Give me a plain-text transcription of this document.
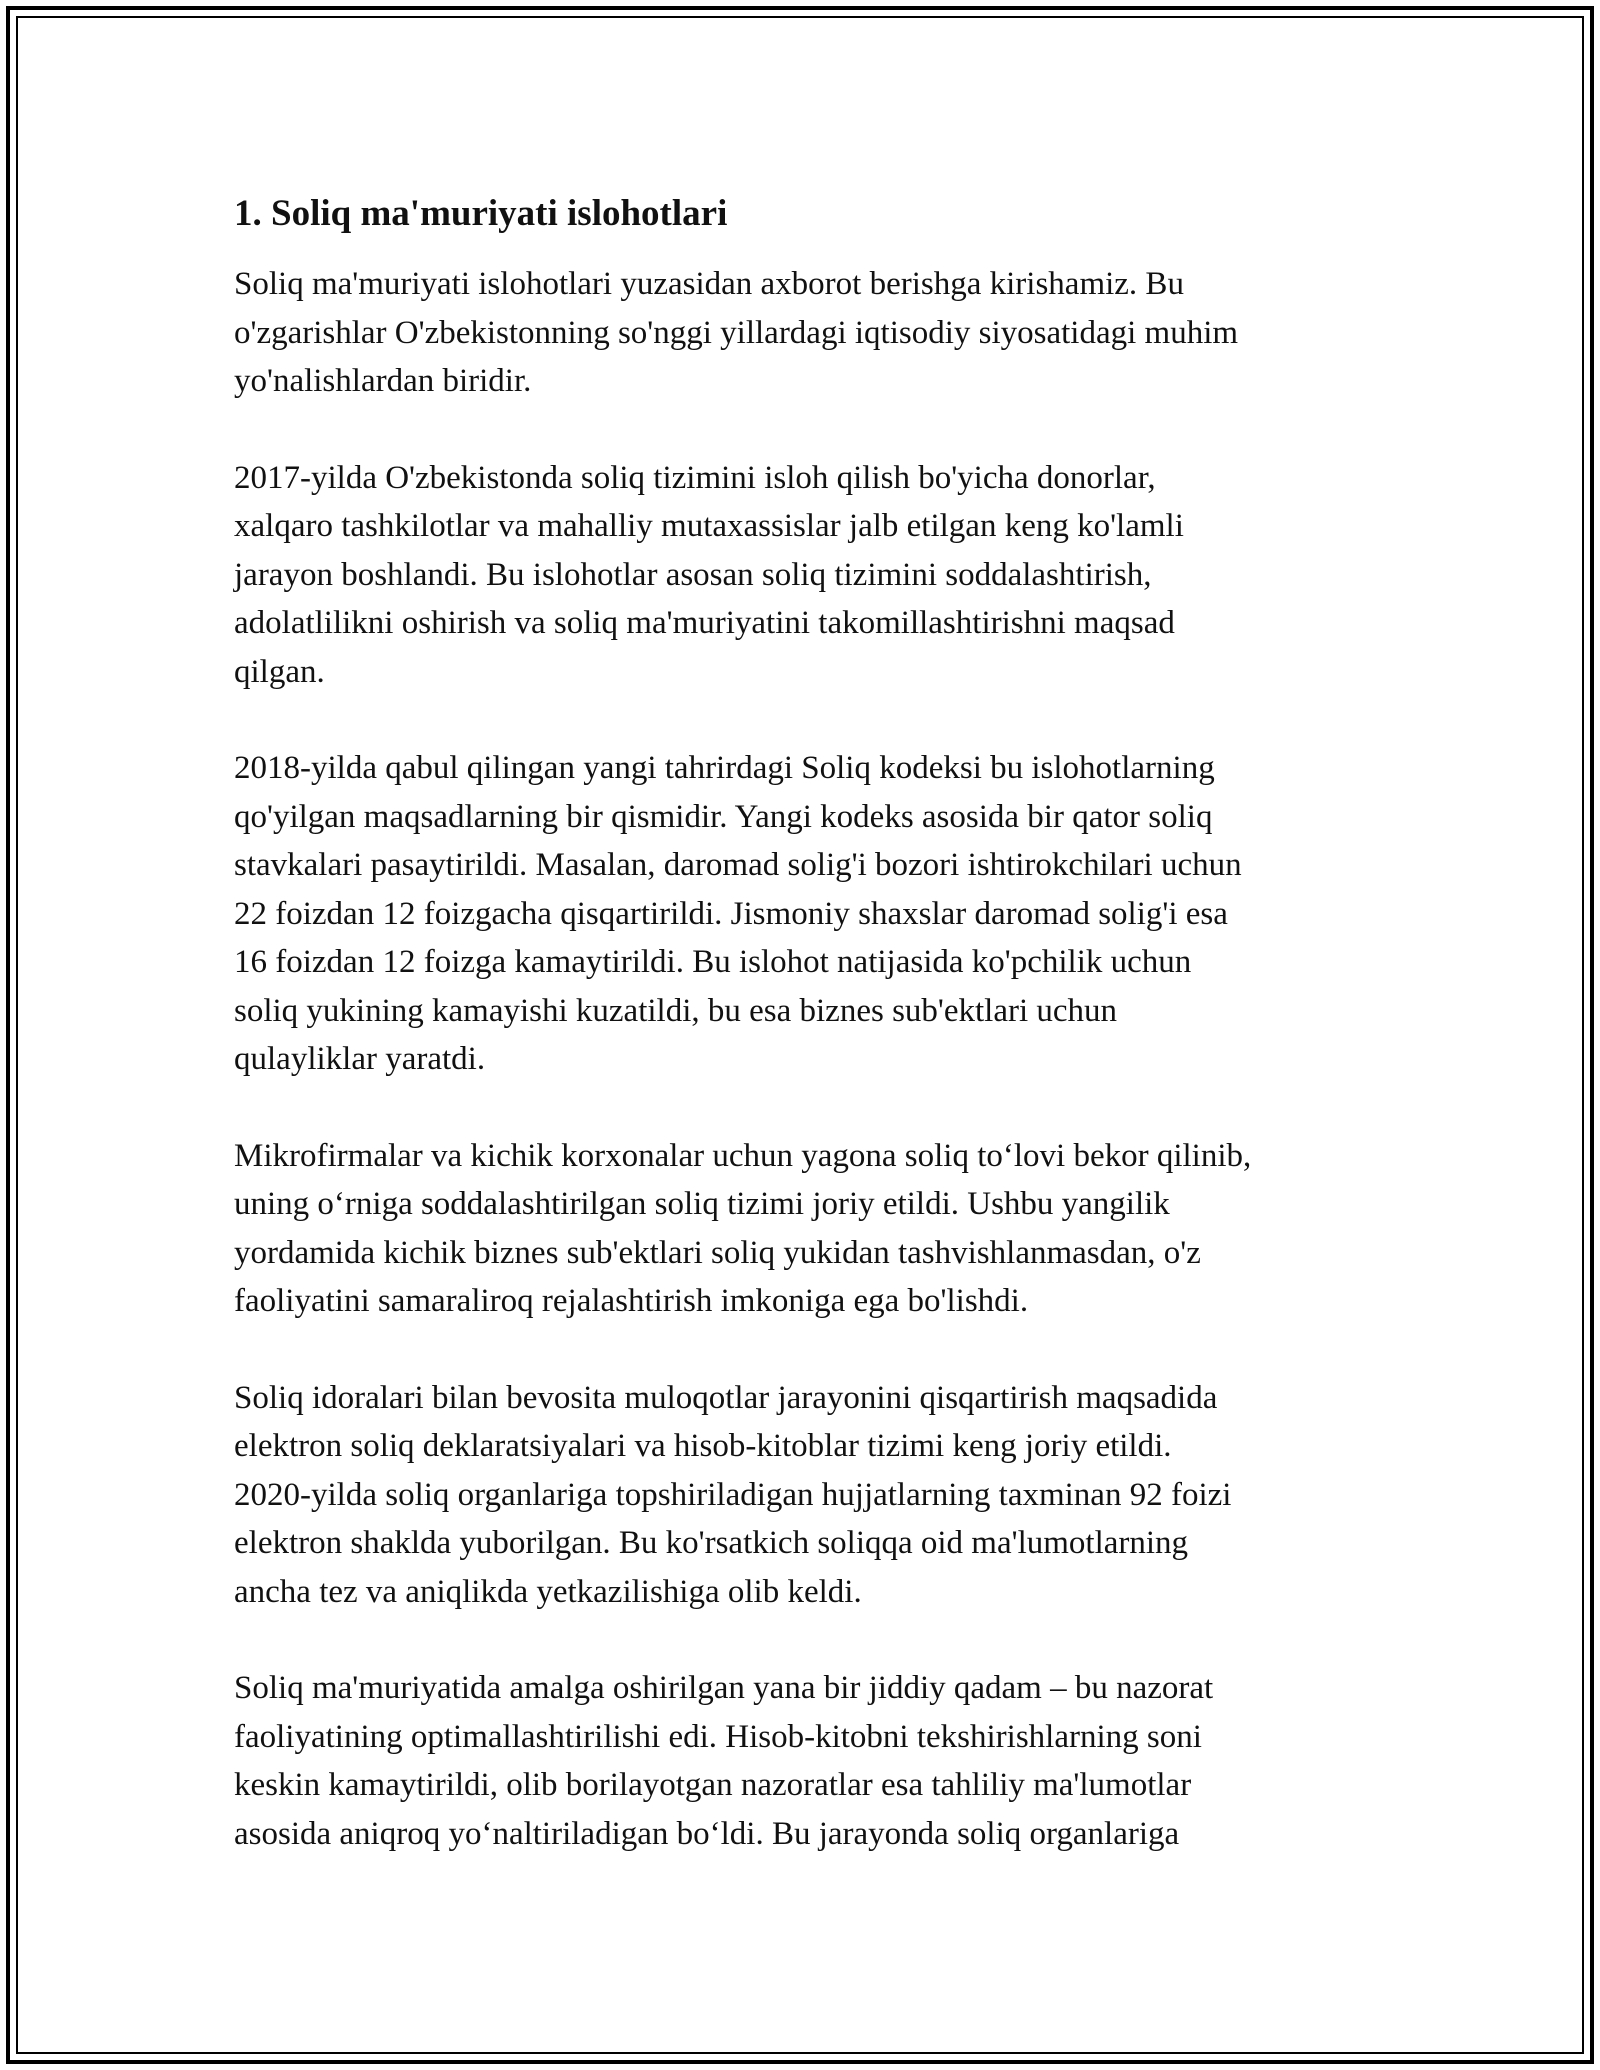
1. Soliq ma'muriyati islohotlari

Soliq ma'muriyati islohotlari yuzasidan axborot berishga kirishamiz. Bu
o'zgarishlar O'zbekistonning so'nggi yillardagi iqtisodiy siyosatidagi muhim
yo'nalishlardan biridir.

2017-yilda O'zbekistonda soliq tizimini isloh qilish bo'yicha donorlar,
xalqaro tashkilotlar va mahalliy mutaxassislar jalb etilgan keng ko'lamli
jarayon boshlandi. Bu islohotlar asosan soliq tizimini soddalashtirish,
adolatlilikni oshirish va soliq ma'muriyatini takomillashtirishni maqsad
qilgan.

2018-yilda qabul qilingan yangi tahrirdagi Soliq kodeksi bu islohotlarning
qo'yilgan maqsadlarning bir qismidir. Yangi kodeks asosida bir qator soliq
stavkalari pasaytirildi. Masalan, daromad solig'i bozori ishtirokchilari uchun
22 foizdan 12 foizgacha qisqartirildi. Jismoniy shaxslar daromad solig'i esa
16 foizdan 12 foizga kamaytirildi. Bu islohot natijasida ko'pchilik uchun
soliq yukining kamayishi kuzatildi, bu esa biznes sub'ektlari uchun
qulayliklar yaratdi.

Mikrofirmalar va kichik korxonalar uchun yagona soliq to‘lovi bekor qilinib,
uning o‘rniga soddalashtirilgan soliq tizimi joriy etildi. Ushbu yangilik
yordamida kichik biznes sub'ektlari soliq yukidan tashvishlanmasdan, o'z
faoliyatini samaraliroq rejalashtirish imkoniga ega bo'lishdi.

Soliq idoralari bilan bevosita muloqotlar jarayonini qisqartirish maqsadida
elektron soliq deklaratsiyalari va hisob-kitoblar tizimi keng joriy etildi.
2020-yilda soliq organlariga topshiriladigan hujjatlarning taxminan 92 foizi
elektron shaklda yuborilgan. Bu ko'rsatkich soliqqa oid ma'lumotlarning
ancha tez va aniqlikda yetkazilishiga olib keldi.

Soliq ma'muriyatida amalga oshirilgan yana bir jiddiy qadam – bu nazorat
faoliyatining optimallashtirilishi edi. Hisob-kitobni tekshirishlarning soni
keskin kamaytirildi, olib borilayotgan nazoratlar esa tahliliy ma'lumotlar
asosida aniqroq yo‘naltiriladigan bo‘ldi. Bu jarayonda soliq organlariga
